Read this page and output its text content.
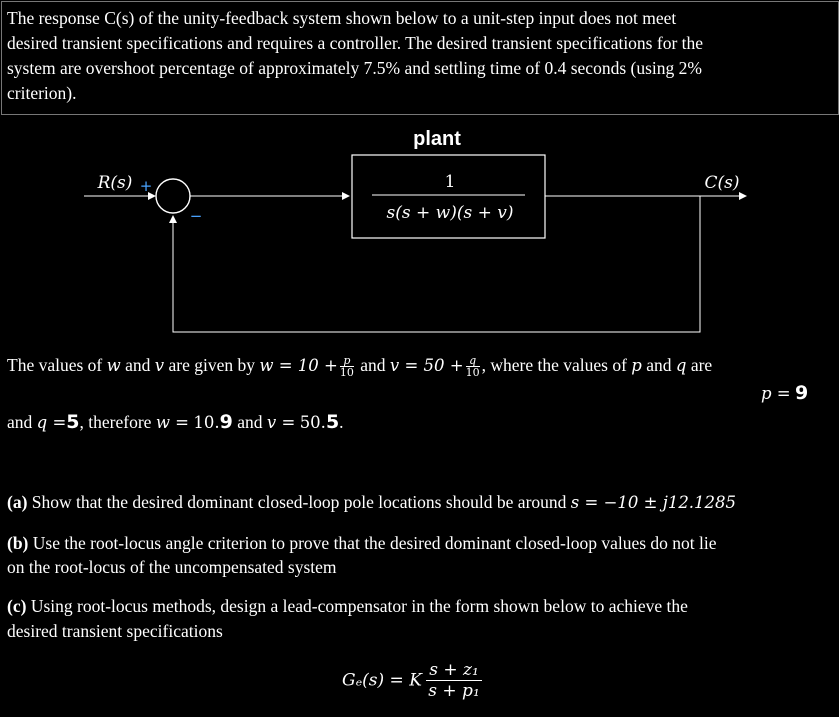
The response C(s) of the unity-feedback system shown below to a unit-step input does not meet
desired transient specifications and requires a controller. The desired transient specifications for the
system are overshoot percentage of approximately 7.5% and settling time of 0.4 seconds (using 2%
criterion).
plant
R(s) +
−
1
s(s + w)(s + v)
C(s)
The values of w and v are given by $w = 10 + \frac{p}{10}$ and $v = 50 + \frac{q}{10}$ , where the values of p and q are
p = 9
and q =5, therefore w = 10.9 and v = 50.5.
(a) Show that the desired dominant closed-loop pole locations should be around s = −10 ± j12.1285
(b) Use the root-locus angle criterion to prove that the desired dominant closed-loop values do not lie
on the root-locus of the uncompensated system
(c) Using root-locus methods, design a lead-compensator in the form shown below to achieve the
desired transient specifications
Gₑ(s) = K $\frac{\text{s + z₁}}{\text{s + p₁}}$
